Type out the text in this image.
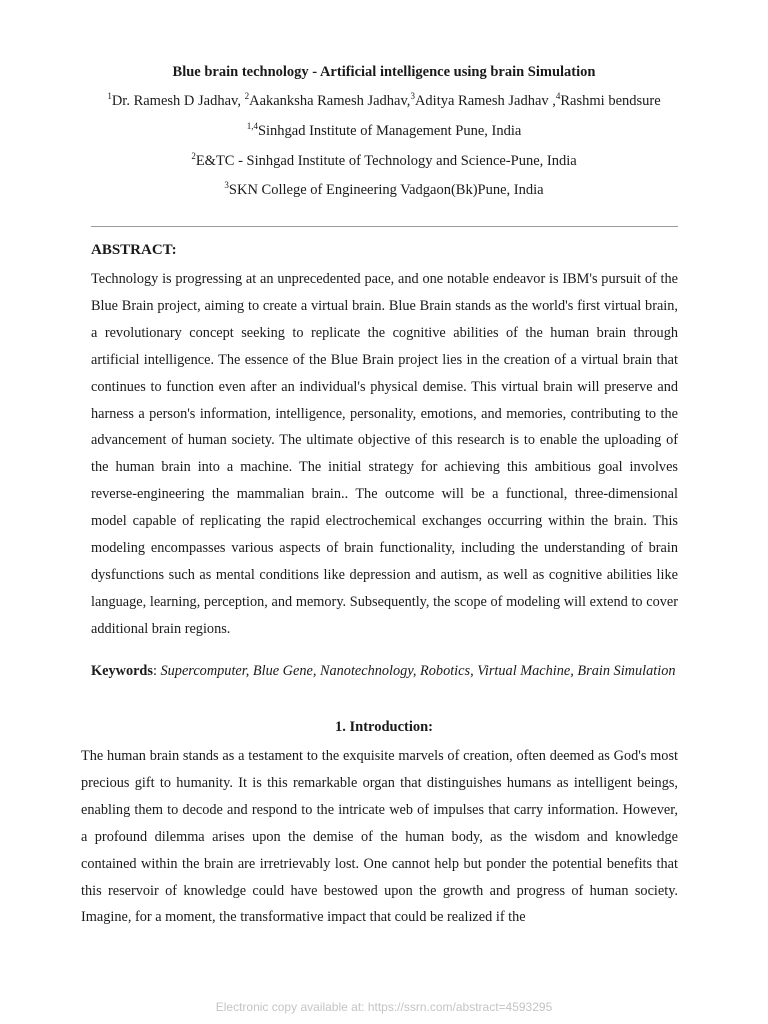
Blue brain technology - Artificial intelligence using brain Simulation
$^1$Dr. Ramesh D Jadhav, $^2$Aakanksha Ramesh Jadhav,$^3$Aditya Ramesh Jadhav ,$^4$Rashmi bendsure
$^{1,4}$Sinhgad Institute of Management Pune, India
$^2$E&TC - Sinhgad Institute of Technology and Science-Pune, India
$^3$SKN College of Engineering Vadgaon(Bk)Pune, India
ABSTRACT:
Technology is progressing at an unprecedented pace, and one notable endeavor is IBM's pursuit of the Blue Brain project, aiming to create a virtual brain. Blue Brain stands as the world's first virtual brain, a revolutionary concept seeking to replicate the cognitive abilities of the human brain through artificial intelligence. The essence of the Blue Brain project lies in the creation of a virtual brain that continues to function even after an individual's physical demise. This virtual brain will preserve and harness a person's information, intelligence, personality, emotions, and memories, contributing to the advancement of human society. The ultimate objective of this research is to enable the uploading of the human brain into a machine. The initial strategy for achieving this ambitious goal involves reverse-engineering the mammalian brain.. The outcome will be a functional, three-dimensional model capable of replicating the rapid electrochemical exchanges occurring within the brain. This modeling encompasses various aspects of brain functionality, including the understanding of brain dysfunctions such as mental conditions like depression and autism, as well as cognitive abilities like language, learning, perception, and memory. Subsequently, the scope of modeling will extend to cover additional brain regions.
Keywords: Supercomputer, Blue Gene, Nanotechnology, Robotics, Virtual Machine, Brain Simulation
1. Introduction:
The human brain stands as a testament to the exquisite marvels of creation, often deemed as God's most precious gift to humanity. It is this remarkable organ that distinguishes humans as intelligent beings, enabling them to decode and respond to the intricate web of impulses that carry information. However, a profound dilemma arises upon the demise of the human body, as the wisdom and knowledge contained within the brain are irretrievably lost. One cannot help but ponder the potential benefits that this reservoir of knowledge could have bestowed upon the growth and progress of human society. Imagine, for a moment, the transformative impact that could be realized if the
Electronic copy available at: https://ssrn.com/abstract=4593295
